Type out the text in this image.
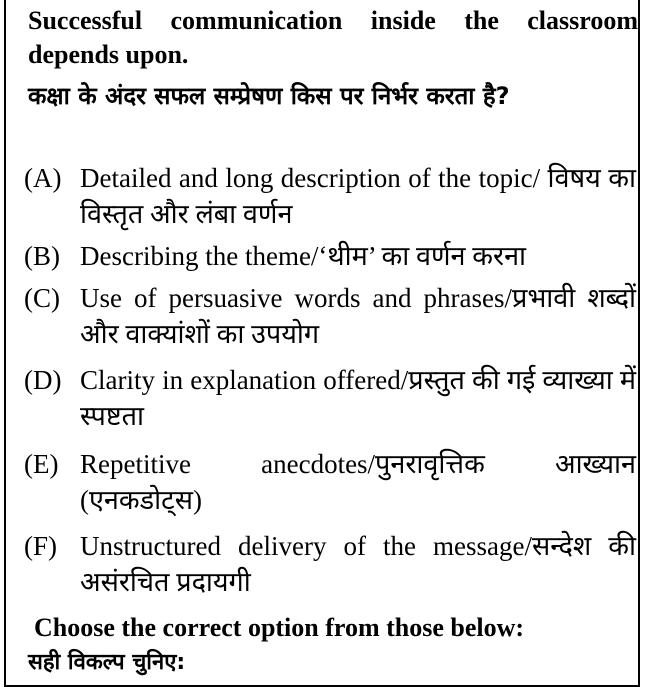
Successful communication inside the classroom depends upon.
कक्षा के अंदर सफल सम्प्रेषण किस पर निर्भर करता है?
(A) Detailed and long description of the topic/ विषय का विस्तृत और लंबा वर्णन
(B) Describing the theme/‘थीम’ का वर्णन करना
(C) Use of persuasive words and phrases/प्रभावी शब्दों और वाक्यांशों का उपयोग
(D) Clarity in explanation offered/प्रस्तुत की गई व्याख्या में स्पष्टता
(E) Repetitive anecdotes/पुनरावृत्तिक आख्यान (एनकडोट्स)
(F) Unstructured delivery of the message/सन्देश की असंरचित प्रदायगी
Choose the correct option from those below:
सही विकल्प चुनिए:
